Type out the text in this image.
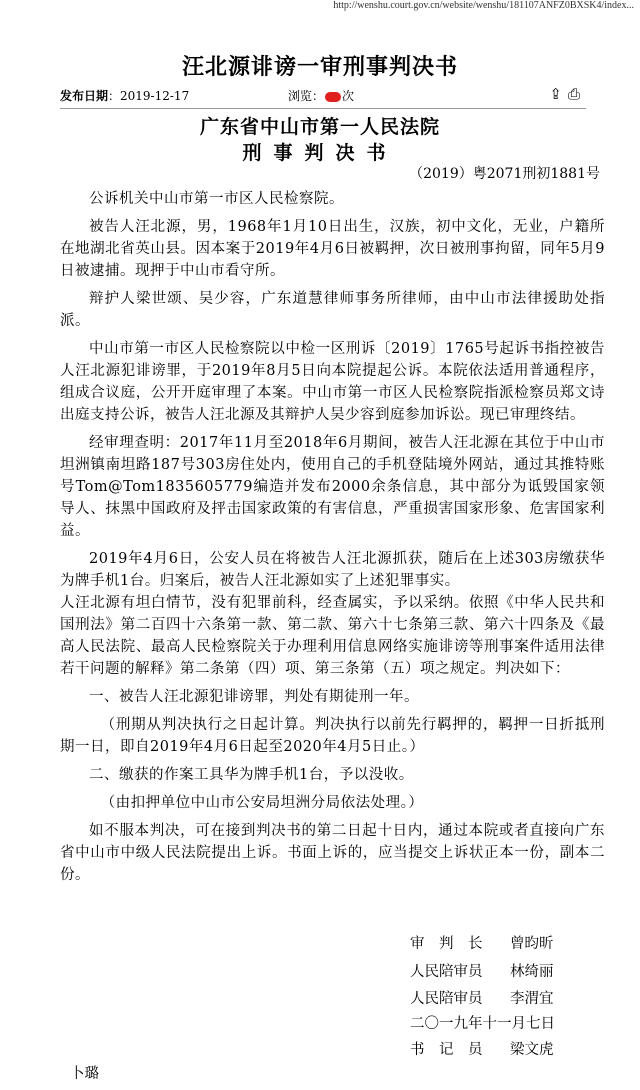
http://wenshu.court.gov.cn/website/wenshu/181107ANFZ0BXSK4/index...
汪北源诽谤一审刑事判决书
发布日期：2019-12-17	浏览： 次	⇪ ⎙
广东省中山市第一人民法院
刑事判决书
（2019）粤2071刑初1881号

公诉机关中山市第一市区人民检察院。

被告人汪北源，男，1968年1月10日出生，汉族，初中文化，无业，户籍所在地湖北省英山县。因本案于2019年4月6日被羁押，次日被刑事拘留，同年5月9日被逮捕。现押于中山市看守所。

辩护人梁世颂、吴少容，广东道慧律师事务所律师，由中山市法律援助处指派。

中山市第一市区人民检察院以中检一区刑诉〔2019〕1765号起诉书指控被告人汪北源犯诽谤罪，于2019年8月5日向本院提起公诉。本院依法适用普通程序，组成合议庭，公开开庭审理了本案。中山市第一市区人民检察院指派检察员郑文诗出庭支持公诉，被告人汪北源及其辩护人吴少容到庭参加诉讼。现已审理终结。

经审理查明：2017年11月至2018年6月期间，被告人汪北源在其位于中山市坦洲镇南坦路187号303房住处内，使用自己的手机登陆境外网站，通过其推特账号Tom@Tom1835605779编造并发布2000余条信息，其中部分为诋毁国家领导人、抹黑中国政府及抨击国家政策的有害信息，严重损害国家形象、危害国家利益。

2019年4月6日，公安人员在将被告人汪北源抓获，随后在上述303房缴获华为牌手机1台。归案后，被告人汪北源如实了上述犯罪事实。

人汪北源有坦白情节，没有犯罪前科，经查属实，予以采纳。依照《中华人民共和国刑法》第二百四十六条第一款、第二款、第六十七条第三款、第六十四条及《最高人民法院、最高人民检察院关于办理利用信息网络实施诽谤等刑事案件适用法律若干问题的解释》第二条第（四）项、第三条第（五）项之规定。判决如下：

一、被告人汪北源犯诽谤罪，判处有期徒刑一年。

（刑期从判决执行之日起计算。判决执行以前先行羁押的，羁押一日折抵刑期一日，即自2019年4月6日起至2020年4月5日止。）

二、缴获的作案工具华为牌手机1台，予以没收。

（由扣押单位中山市公安局坦洲分局依法处理。）

如不服本判决，可在接到判决书的第二日起十日内，通过本院或者直接向广东省中山市中级人民法院提出上诉。书面上诉的，应当提交上诉状正本一份，副本二份。

审　判　长 曾昀昕
人民陪审员 林绮丽
人民陪审员 李渭宜
二〇一九年十一月七日
书　记　员 梁文虎
卜璐
